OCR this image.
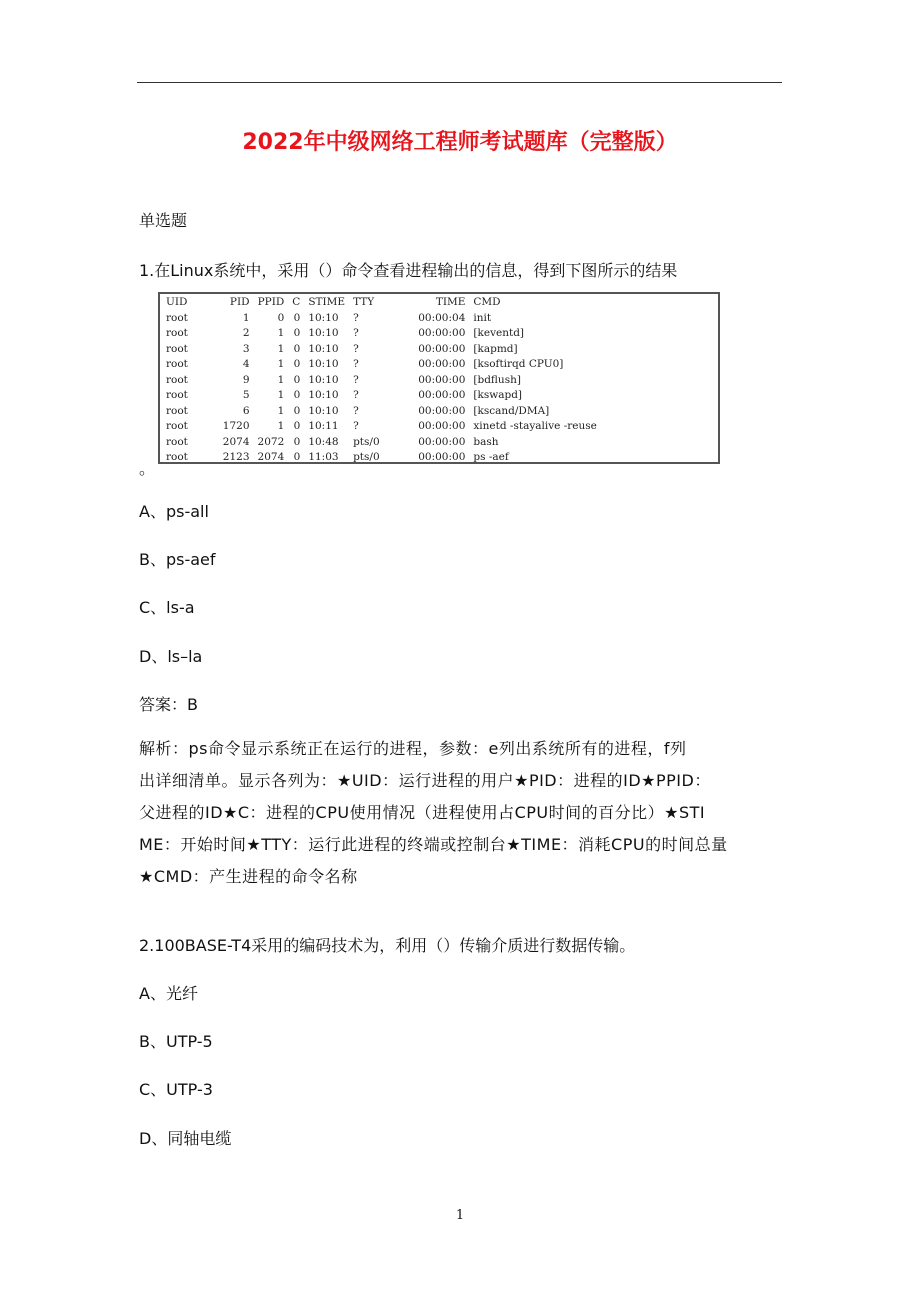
2022年中级网络工程师考试题库（完整版）
单选题
1.在Linux系统中，采用（）命令查看进程输出的信息，得到下图所示的结果
UID	PID	PPID	C	STIME	TTY	TIME	CMD
root	1	0	0	10:10	?	00:00:04	init
root	2	1	0	10:10	?	00:00:00	[keventd]
root	3	1	0	10:10	?	00:00:00	[kapmd]
root	4	1	0	10:10	?	00:00:00	[ksoftirqd CPU0]
root	9	1	0	10:10	?	00:00:00	[bdflush]
root	5	1	0	10:10	?	00:00:00	[kswapd]
root	6	1	0	10:10	?	00:00:00	[kscand/DMA]
root	1720	1	0	10:11	?	00:00:00	xinetd -stayalive -reuse
root	2074	2072	0	10:48	pts/0	00:00:00	bash
root	2123	2074	0	11:03	pts/0	00:00:00	ps -aef
。
A、ps-all
B、ps-aef
C、ls-a
D、ls–la
答案：B
解析：ps命令显示系统正在运行的进程，参数：e列出系统所有的进程，f列
出详细清单。显示各列为：★UID：运行进程的用户★PID：进程的ID★PPID：
父进程的ID★C：进程的CPU使用情况（进程使用占CPU时间的百分比）★STI
ME：开始时间★TTY：运行此进程的终端或控制台★TIME：消耗CPU的时间总量
★CMD：产生进程的命令名称
2.100BASE-T4采用的编码技术为，利用（）传输介质进行数据传输。
A、光纤
B、UTP-5
C、UTP-3
D、同轴电缆
1
